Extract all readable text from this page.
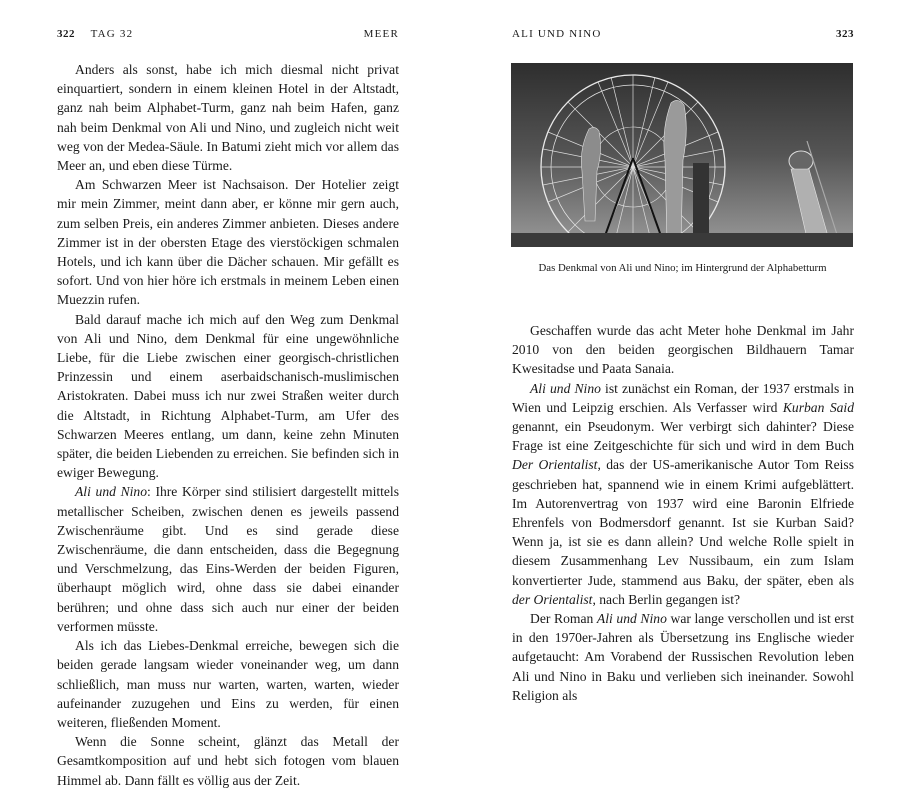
322 TAG 32	MEER

Anders als sonst, habe ich mich diesmal nicht privat einquartiert, sondern in einem kleinen Hotel in der Altstadt, ganz nah beim Alphabet-Turm, ganz nah beim Hafen, ganz nah beim Denkmal von Ali und Nino, und zugleich nicht weit weg von der Medea-Säule. In Batumi zieht mich vor allem das Meer an, und eben diese Türme.

Am Schwarzen Meer ist Nachsaison. Der Hotelier zeigt mir mein Zimmer, meint dann aber, er könne mir gern auch, zum selben Preis, ein anderes Zimmer anbieten. Dieses andere Zimmer ist in der obersten Etage des vierstöckigen schmalen Hotels, und ich kann über die Dächer schauen. Mir gefällt es sofort. Und von hier höre ich erstmals in meinem Leben einen Muezzin rufen.

Bald darauf mache ich mich auf den Weg zum Denkmal von Ali und Nino, dem Denkmal für eine ungewöhnliche Liebe, für die Liebe zwischen einer georgisch-christlichen Prinzessin und einem aserbaidschanisch-muslimischen Aristokraten. Dabei muss ich nur zwei Straßen weiter durch die Altstadt, in Richtung Alphabet-Turm, am Ufer des Schwarzen Meeres entlang, um dann, keine zehn Minuten später, die beiden Liebenden zu erreichen. Sie befinden sich in ewiger Bewegung.

Ali und Nino: Ihre Körper sind stilisiert dargestellt mittels metallischer Scheiben, zwischen denen es jeweils passend Zwischenräume gibt. Und es sind gerade diese Zwischenräume, die dann entscheiden, dass die Begegnung und Verschmelzung, das Eins-Werden der beiden Figuren, überhaupt möglich wird, ohne dass sie dabei einander berühren; und ohne dass sich auch nur einer der beiden verformen müsste.

Als ich das Liebes-Denkmal erreiche, bewegen sich die beiden gerade langsam wieder voneinander weg, um dann schließlich, man muss nur warten, warten, warten, wieder aufeinander zuzugehen und Eins zu werden, für einen weiteren, fließenden Moment.

Wenn die Sonne scheint, glänzt das Metall der Gesamtkomposition auf und hebt sich fotogen vom blauen Himmel ab. Dann fällt es völlig aus der Zeit.

ALI UND NINO	323
Das Denkmal von Ali und Nino; im Hintergrund der Alphabetturm

Geschaffen wurde das acht Meter hohe Denkmal im Jahr 2010 von den beiden georgischen Bildhauern Tamar Kwesitadse und Paata Sanaia.

Ali und Nino ist zunächst ein Roman, der 1937 erstmals in Wien und Leipzig erschien. Als Verfasser wird Kurban Said genannt, ein Pseudonym. Wer verbirgt sich dahinter? Diese Frage ist eine Zeitgeschichte für sich und wird in dem Buch Der Orientalist, das der US-amerikanische Autor Tom Reiss geschrieben hat, spannend wie in einem Krimi aufgeblättert. Im Autorenvertrag von 1937 wird eine Baronin Elfriede Ehrenfels von Bodmersdorf genannt. Ist sie Kurban Said? Wenn ja, ist sie es dann allein? Und welche Rolle spielt in diesem Zusammenhang Lev Nussibaum, ein zum Islam konvertierter Jude, stammend aus Baku, der später, eben als der Orientalist, nach Berlin gegangen ist?

Der Roman Ali und Nino war lange verschollen und ist erst in den 1970er-Jahren als Übersetzung ins Englische wieder aufgetaucht: Am Vorabend der Russischen Revolution leben Ali und Nino in Baku und verlieben sich ineinander. Sowohl Religion als
